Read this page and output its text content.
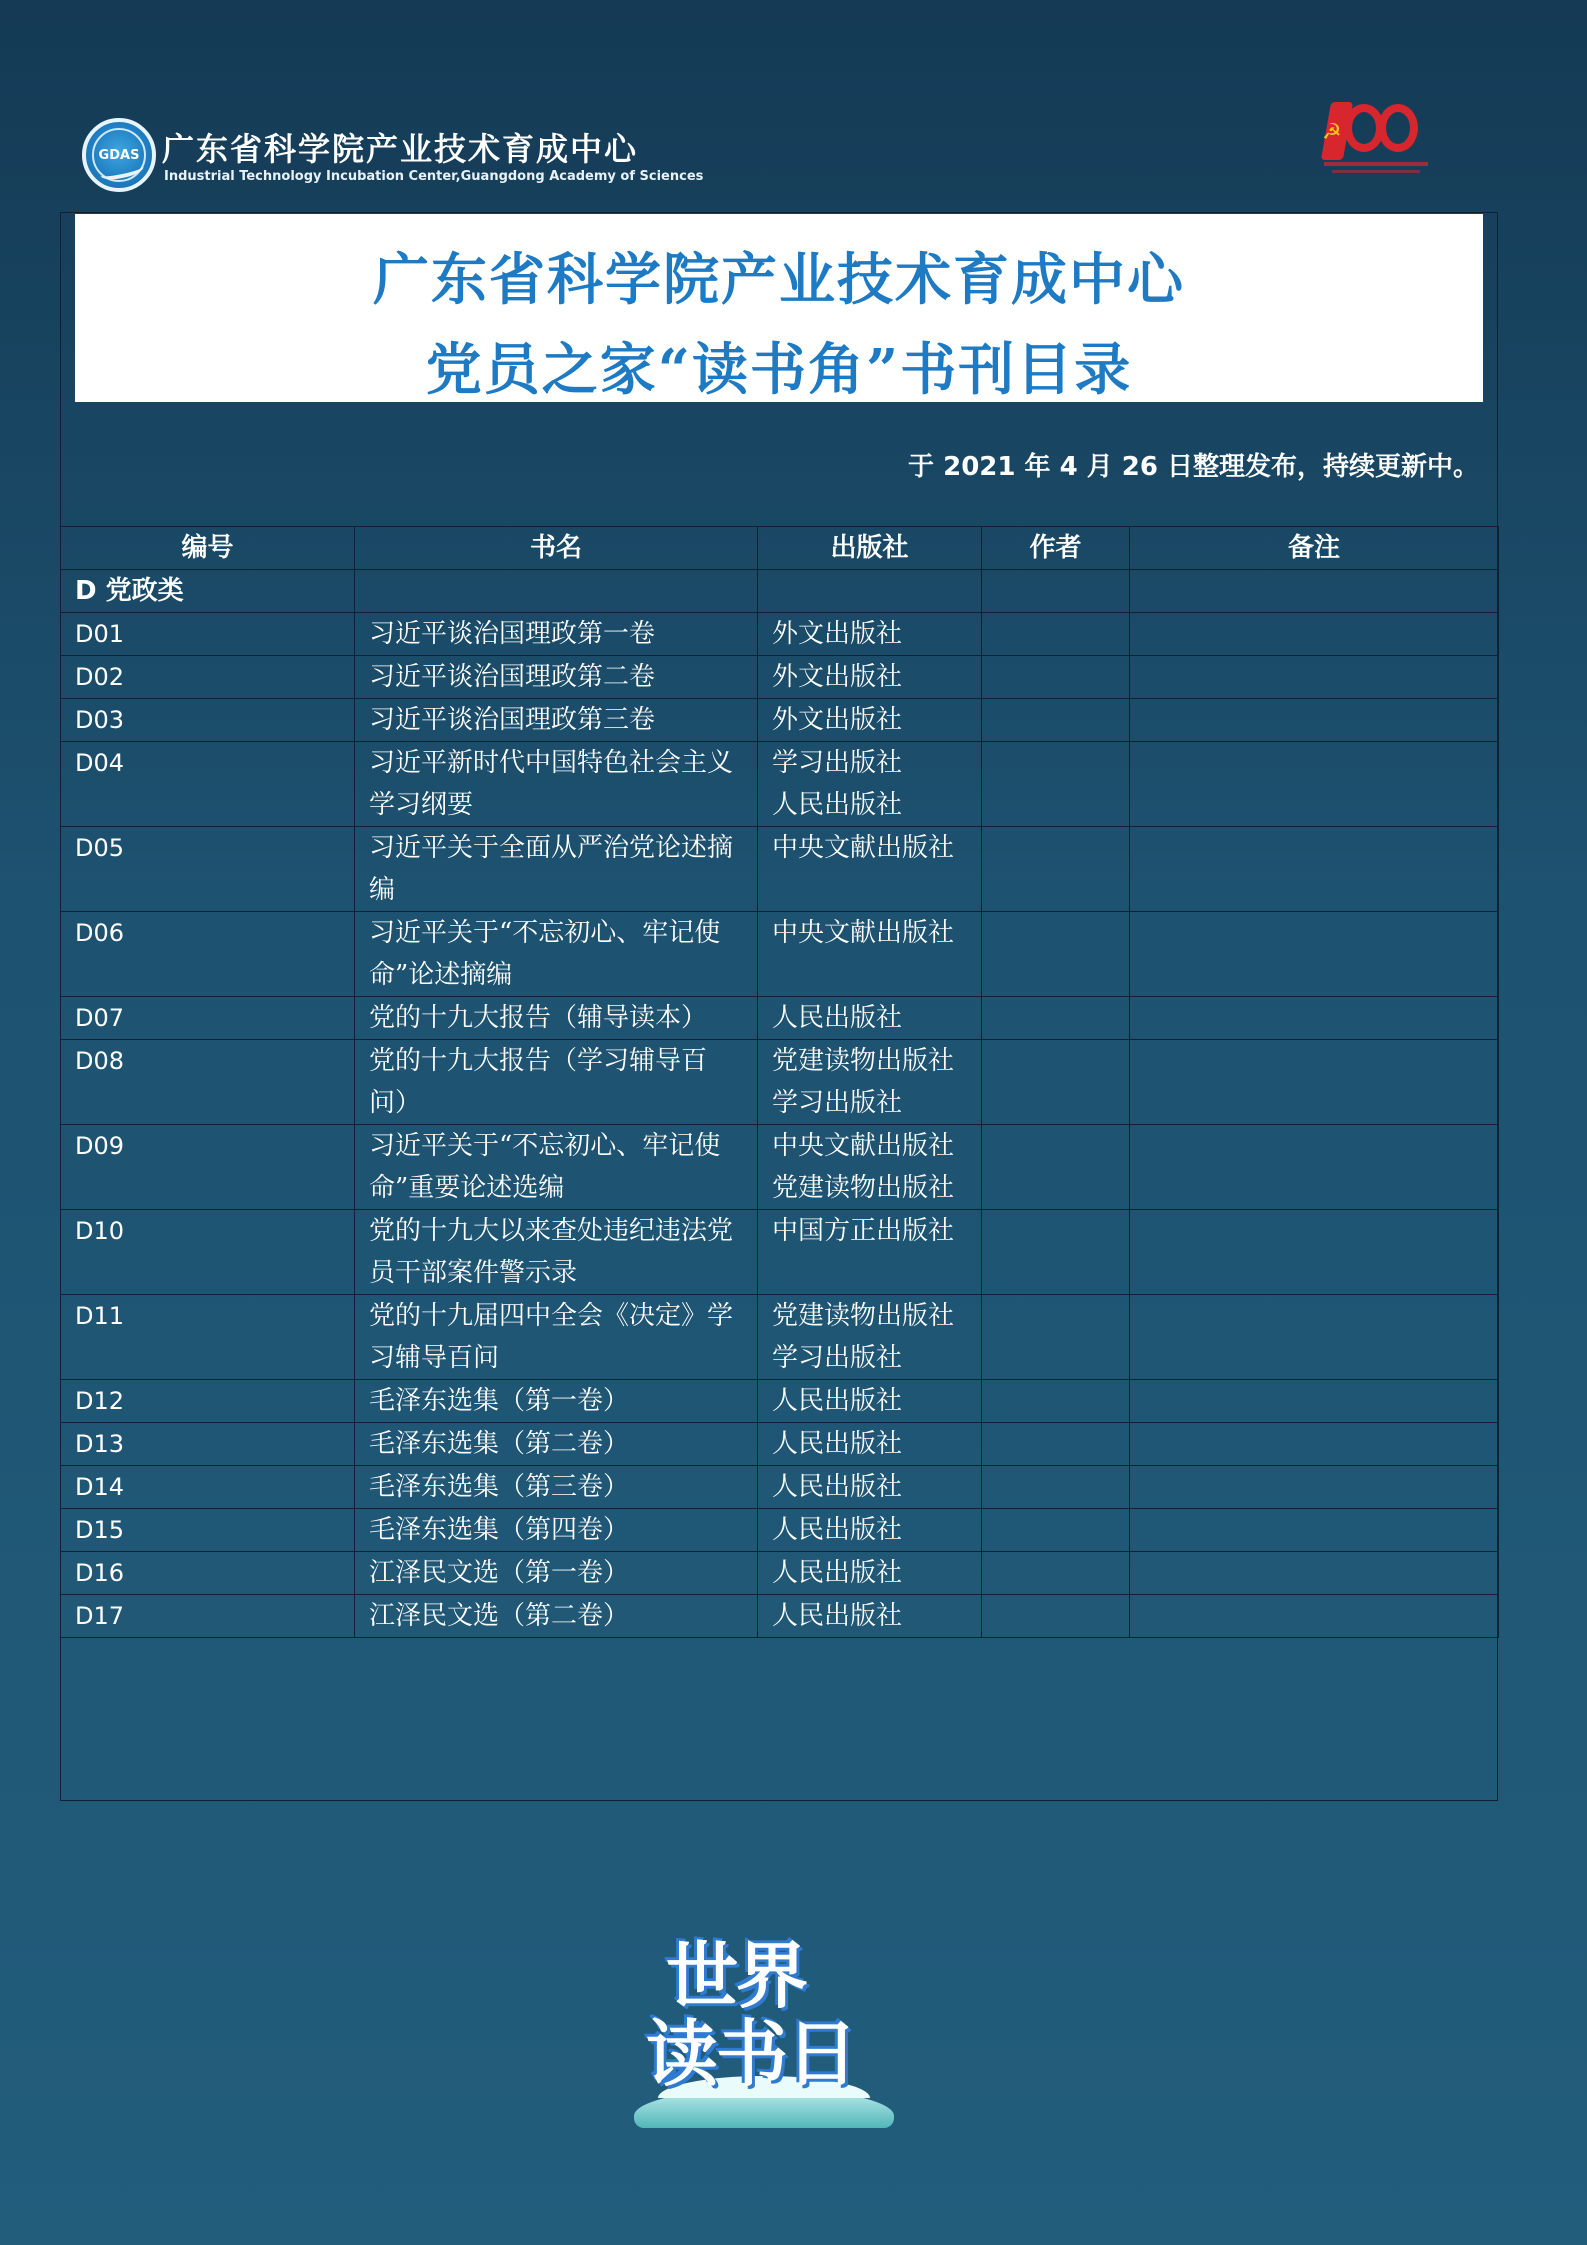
GDAS 广东省科学院产业技术育成中心
Industrial Technology Incubation Center,Guangdong Academy of Sciences
☭
广东省科学院产业技术育成中心
党员之家“读书角”书刊目录
于 2021 年 4 月 26 日整理发布，持续更新中。
编号	书名	出版社	作者	备注
D 党政类				
D01	习近平谈治国理政第一卷	外文出版社		

D02	习近平谈治国理政第二卷	外文出版社		

D03	习近平谈治国理政第三卷	外文出版社		

D04	习近平新时代中国特色社会主义学习纲要	学习出版社
人民出版社		

D05	习近平关于全面从严治党论述摘编	中央文献出版社		

D06	习近平关于“不忘初心、牢记使命”论述摘编	中央文献出版社		

D07	党的十九大报告（辅导读本）	人民出版社		

D08	党的十九大报告（学习辅导百问）	党建读物出版社
学习出版社		

D09	习近平关于“不忘初心、牢记使命”重要论述选编	中央文献出版社
党建读物出版社		

D10	党的十九大以来查处违纪违法党员干部案件警示录	中国方正出版社		

D11	党的十九届四中全会《决定》学习辅导百问	党建读物出版社
学习出版社		

D12	毛泽东选集（第一卷）	人民出版社		

D13	毛泽东选集（第二卷）	人民出版社		

D14	毛泽东选集（第三卷）	人民出版社		

D15	毛泽东选集（第四卷）	人民出版社		

D16	江泽民文选（第一卷）	人民出版社		

D17	江泽民文选（第二卷）	人民出版社		

世界
读书日
